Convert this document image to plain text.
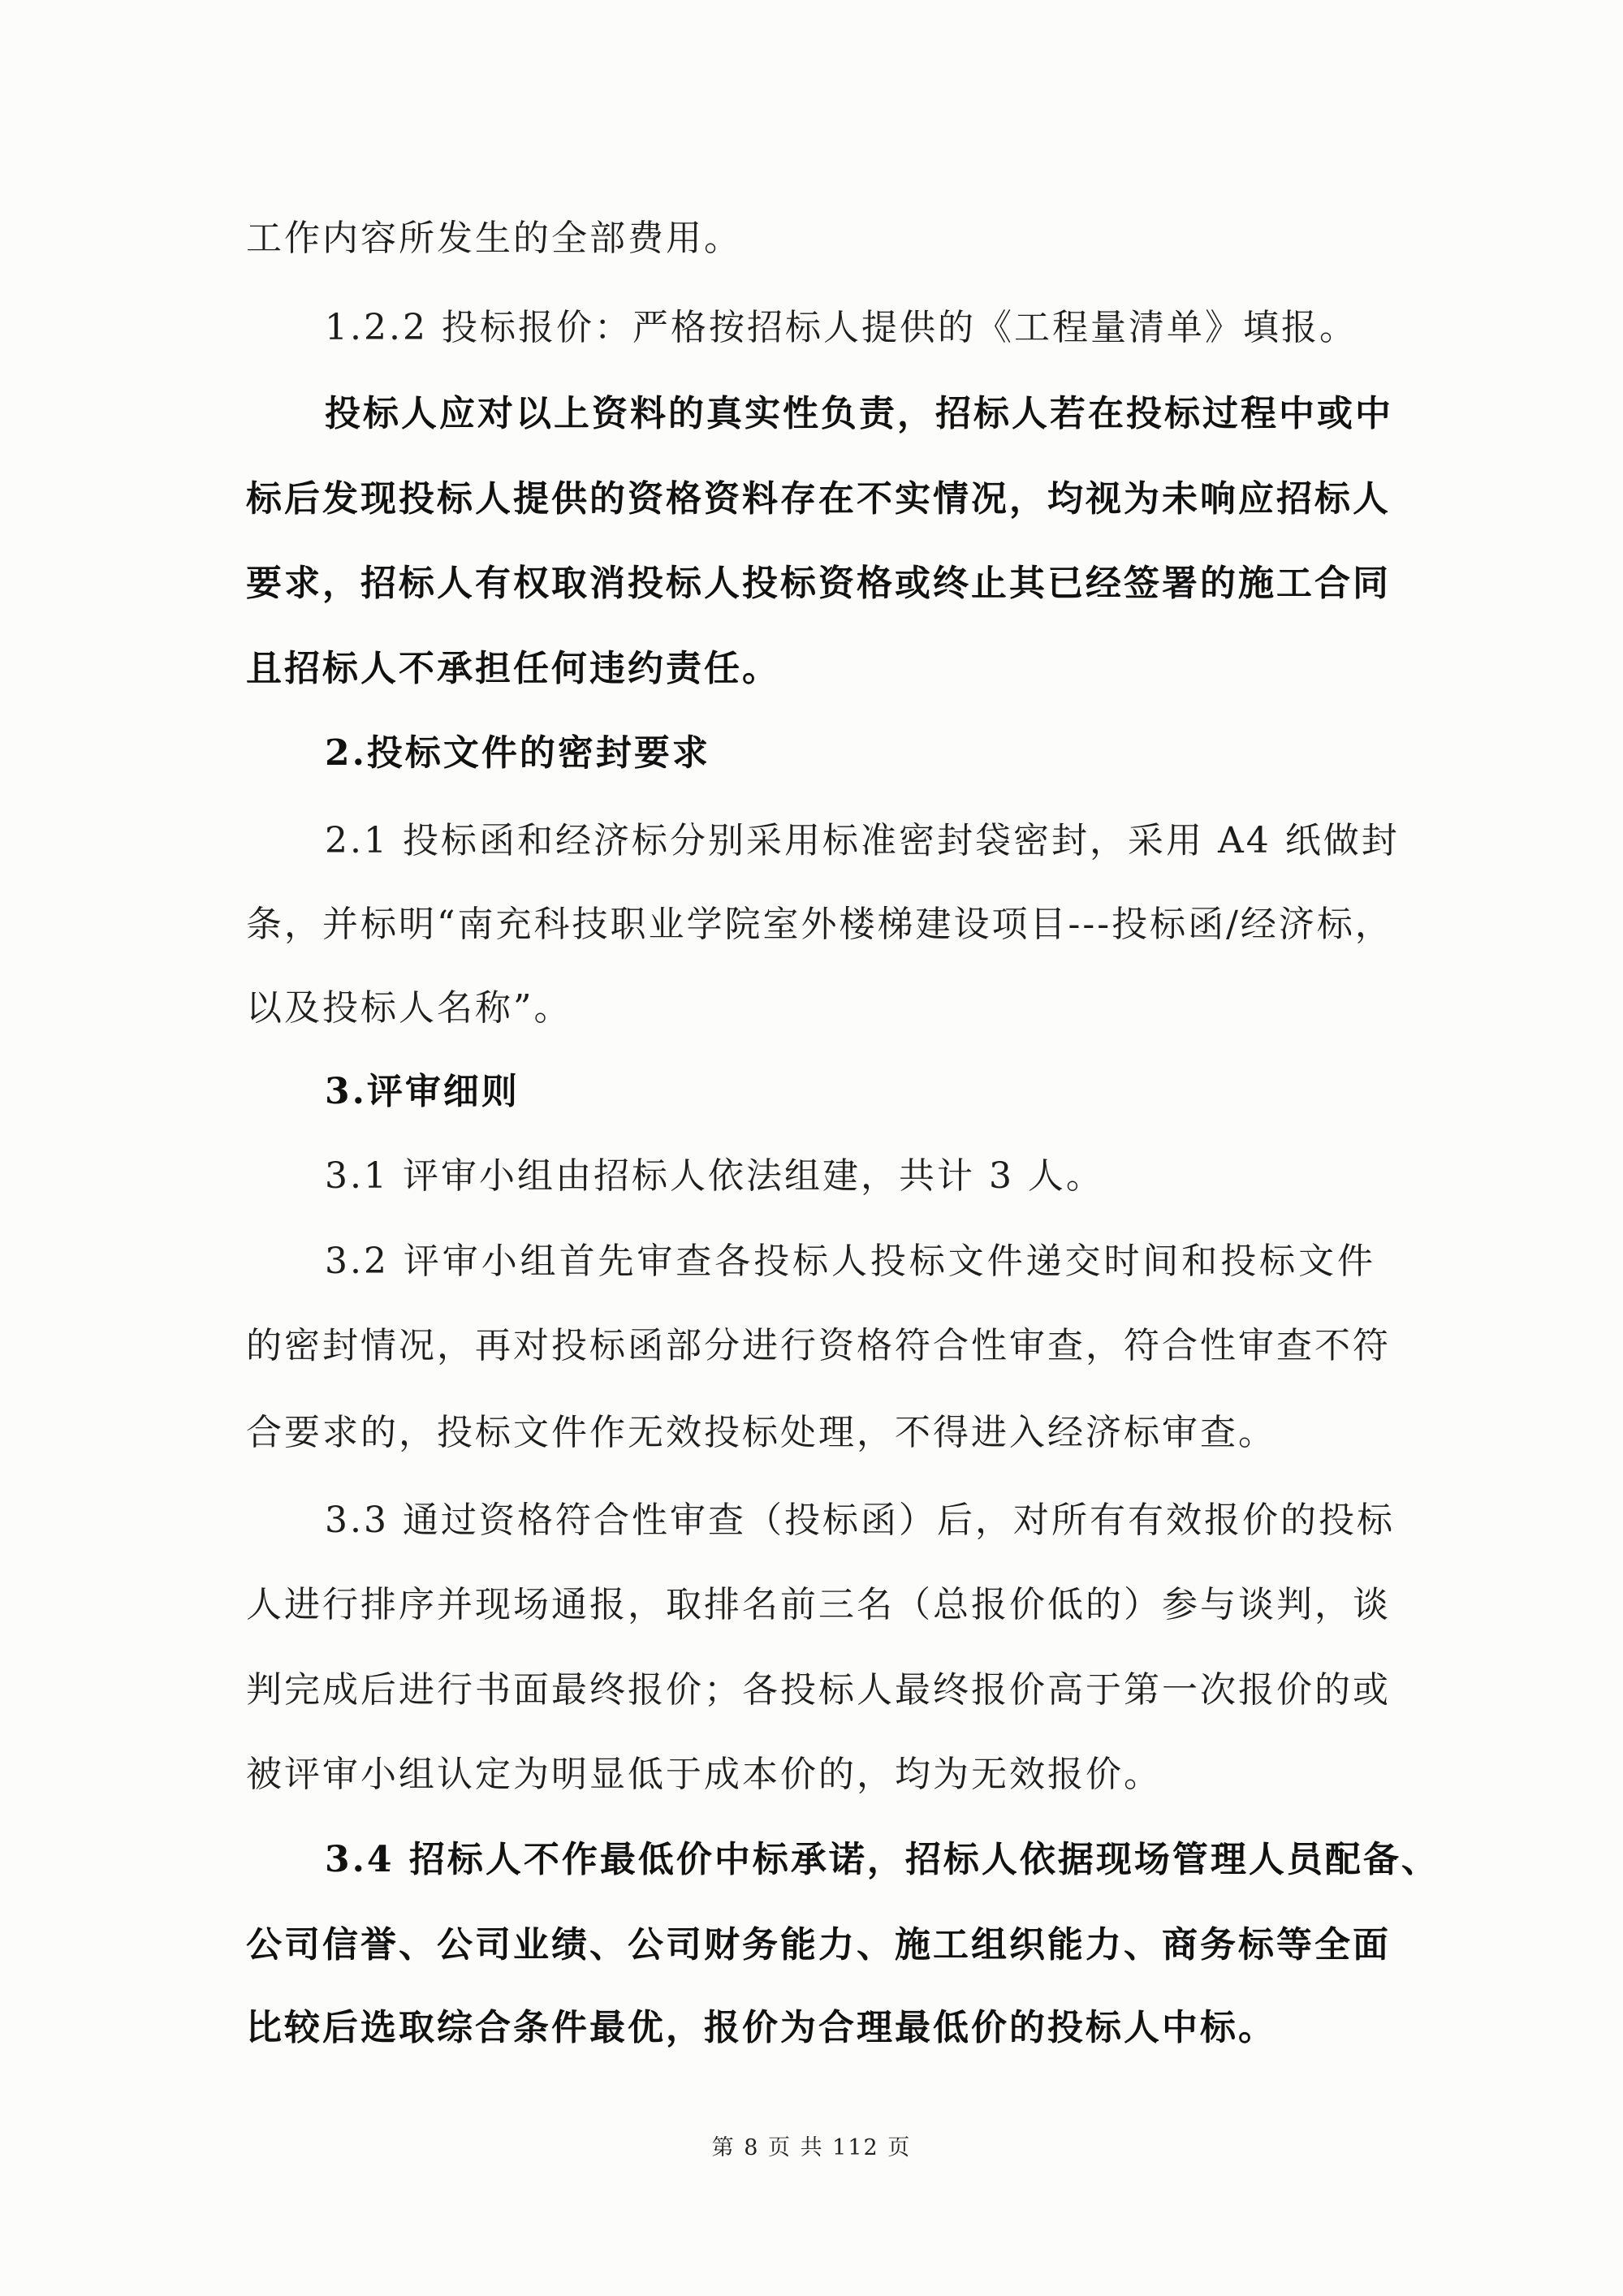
工作内容所发生的全部费用。
1.2.2 投标报价：严格按招标人提供的《工程量清单》填报。
投标人应对以上资料的真实性负责，招标人若在投标过程中或中
标后发现投标人提供的资格资料存在不实情况，均视为未响应招标人
要求，招标人有权取消投标人投标资格或终止其已经签署的施工合同
且招标人不承担任何违约责任。
2.投标文件的密封要求
2.1 投标函和经济标分别采用标准密封袋密封，采用 A4 纸做封
条，并标明“南充科技职业学院室外楼梯建设项目---投标函/经济标，
以及投标人名称”。
3.评审细则
3.1 评审小组由招标人依法组建，共计 3 人。
3.2 评审小组首先审查各投标人投标文件递交时间和投标文件
的密封情况，再对投标函部分进行资格符合性审查，符合性审查不符
合要求的，投标文件作无效投标处理，不得进入经济标审查。
3.3 通过资格符合性审查（投标函）后，对所有有效报价的投标
人进行排序并现场通报，取排名前三名（总报价低的）参与谈判，谈
判完成后进行书面最终报价；各投标人最终报价高于第一次报价的或
被评审小组认定为明显低于成本价的，均为无效报价。
3.4 招标人不作最低价中标承诺，招标人依据现场管理人员配备、
公司信誉、公司业绩、公司财务能力、施工组织能力、商务标等全面
比较后选取综合条件最优，报价为合理最低价的投标人中标。
第 8 页 共 112 页
